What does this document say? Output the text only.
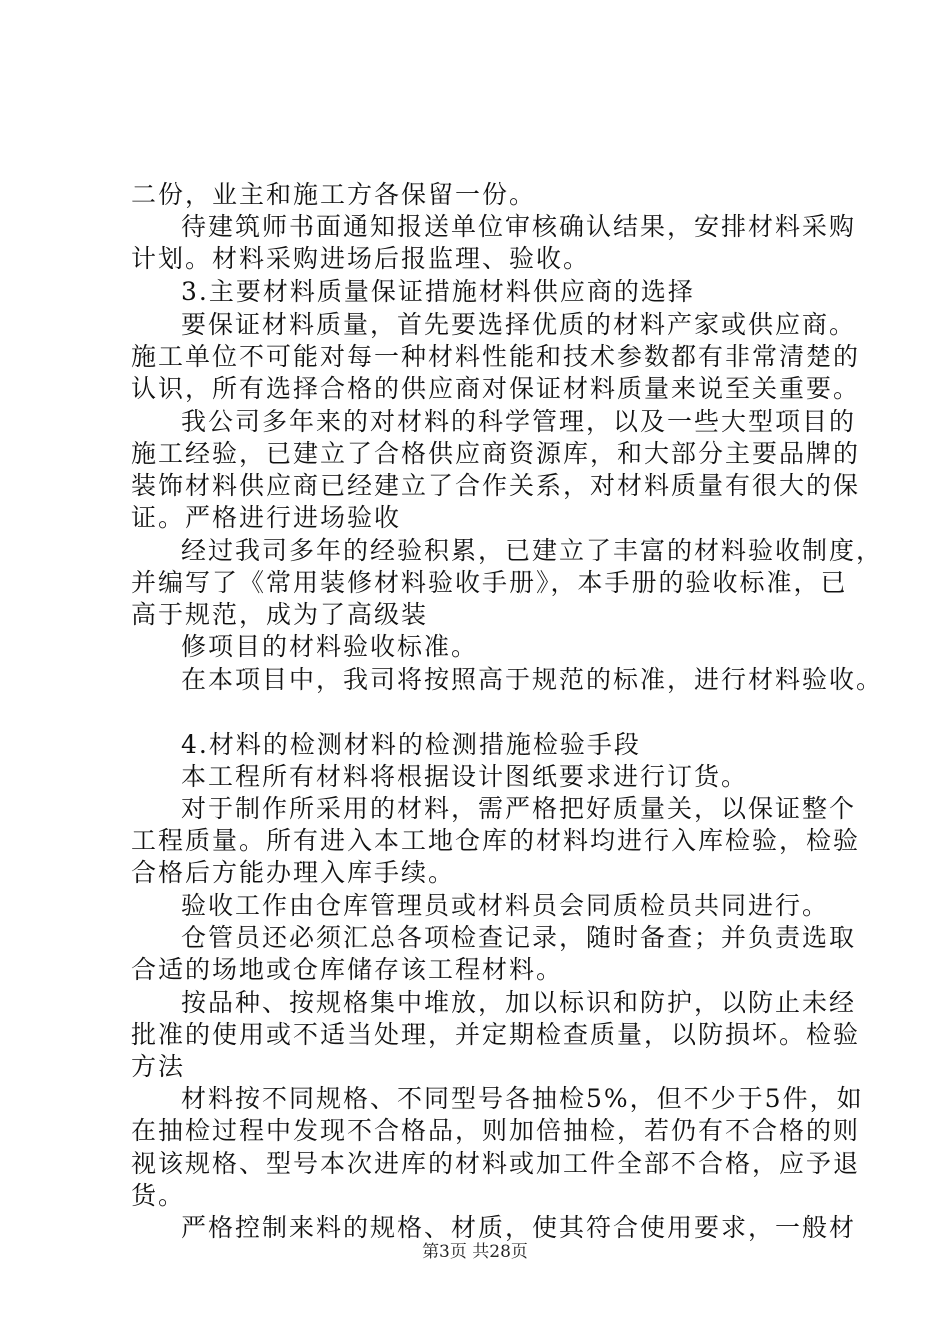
二份，业主和施工方各保留一份。
待建筑师书面通知报送单位审核确认结果，安排材料采购
计划。材料采购进场后报监理、验收。
3.主要材料质量保证措施材料供应商的选择
要保证材料质量，首先要选择优质的材料产家或供应商。
施工单位不可能对每一种材料性能和技术参数都有非常清楚的
认识，所有选择合格的供应商对保证材料质量来说至关重要。
我公司多年来的对材料的科学管理，以及一些大型项目的
施工经验，已建立了合格供应商资源库，和大部分主要品牌的
装饰材料供应商已经建立了合作关系，对材料质量有很大的保
证。严格进行进场验收
经过我司多年的经验积累，已建立了丰富的材料验收制度，
并编写了《常用装修材料验收手册》，本手册的验收标准，已
高于规范，成为了高级装
修项目的材料验收标准。
在本项目中，我司将按照高于规范的标准，进行材料验收。
4.材料的检测材料的检测措施检验手段
本工程所有材料将根据设计图纸要求进行订货。
对于制作所采用的材料，需严格把好质量关，以保证整个
工程质量。所有进入本工地仓库的材料均进行入库检验，检验
合格后方能办理入库手续。
验收工作由仓库管理员或材料员会同质检员共同进行。
仓管员还必须汇总各项检查记录，随时备查；并负责选取
合适的场地或仓库储存该工程材料。
按品种、按规格集中堆放，加以标识和防护，以防止未经
批准的使用或不适当处理，并定期检查质量，以防损坏。检验
方法
材料按不同规格、不同型号各抽检5%，但不少于5件，如
在抽检过程中发现不合格品，则加倍抽检，若仍有不合格的则
视该规格、型号本次进库的材料或加工件全部不合格，应予退
货。
严格控制来料的规格、材质，使其符合使用要求，一般材
第3页 共28页
